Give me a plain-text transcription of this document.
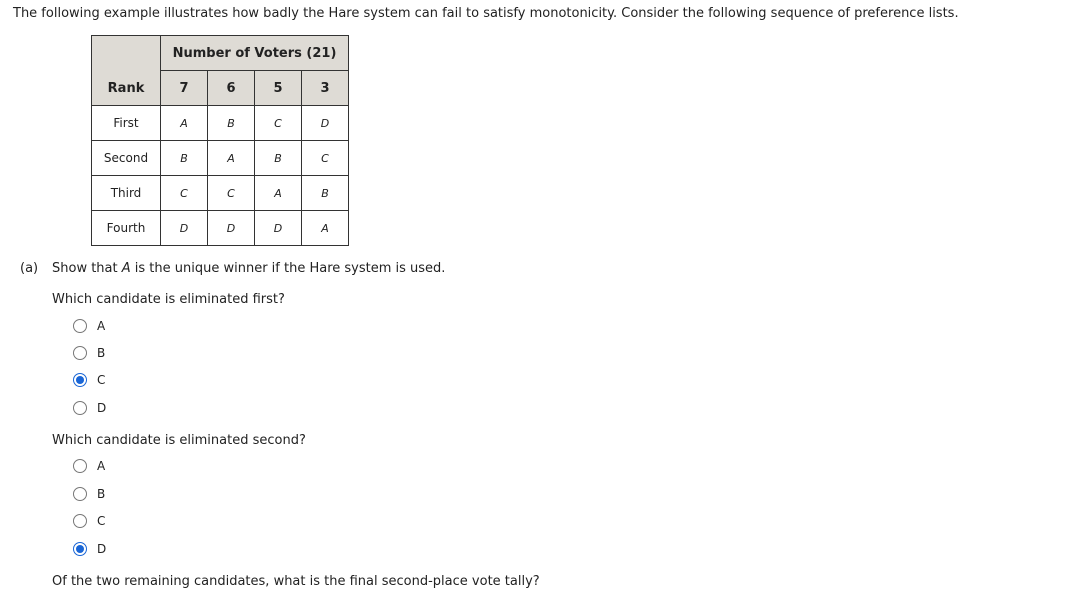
The following example illustrates how badly the Hare system can fail to satisfy monotonicity. Consider the following sequence of preference lists.
Rank	Number of Voters (21)			
	7	6	5	3
First	A	B	C	D
Second	B	A	B	C
Third	C	C	A	B
Fourth	D	D	D	A
(a) Show that A is the unique winner if the Hare system is used.
Which candidate is eliminated first?
A
B
C
D
Which candidate is eliminated second?
A
B
C
D
Of the two remaining candidates, what is the final second-place vote tally?
